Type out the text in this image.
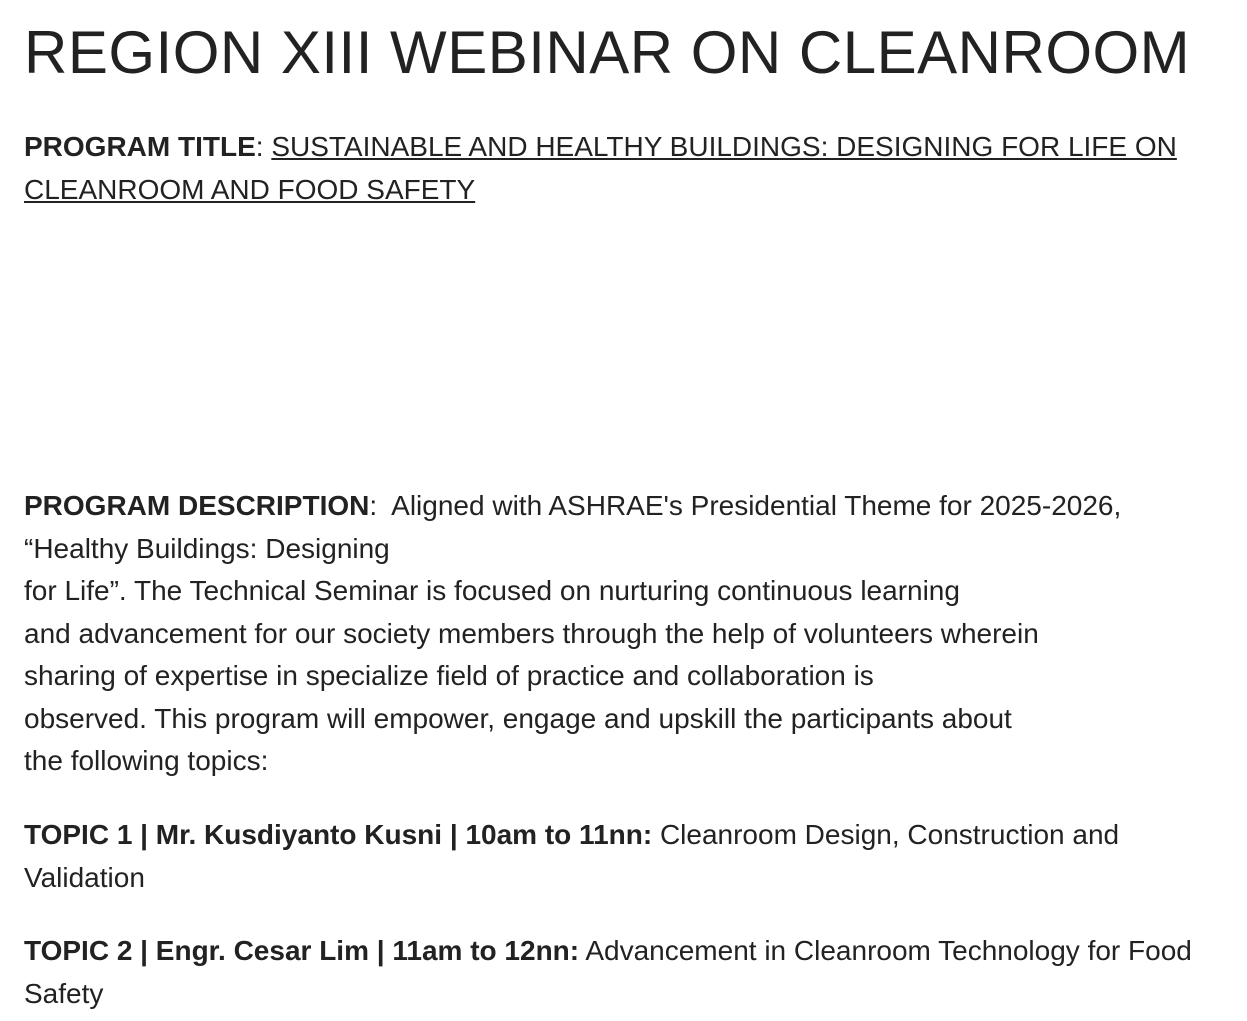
REGION XIII WEBINAR ON CLEANROOM

PROGRAM TITLE: SUSTAINABLE AND HEALTHY BUILDINGS: DESIGNING FOR LIFE ON CLEANROOM AND FOOD SAFETY

PROGRAM DESCRIPTION: Aligned with ASHRAE's Presidential Theme for 2025-2026,
“Healthy Buildings: Designing
for Life”. The Technical Seminar is focused on nurturing continuous learning
and advancement for our society members through the help of volunteers wherein
sharing of expertise in specialize field of practice and collaboration is
observed. This program will empower, engage and upskill the participants about
the following topics:

TOPIC 1 | Mr. Kusdiyanto Kusni | 10am to 11nn: Cleanroom Design, Construction and Validation

TOPIC 2 | Engr. Cesar Lim | 11am to 12nn: Advancement in Cleanroom Technology for Food Safety
